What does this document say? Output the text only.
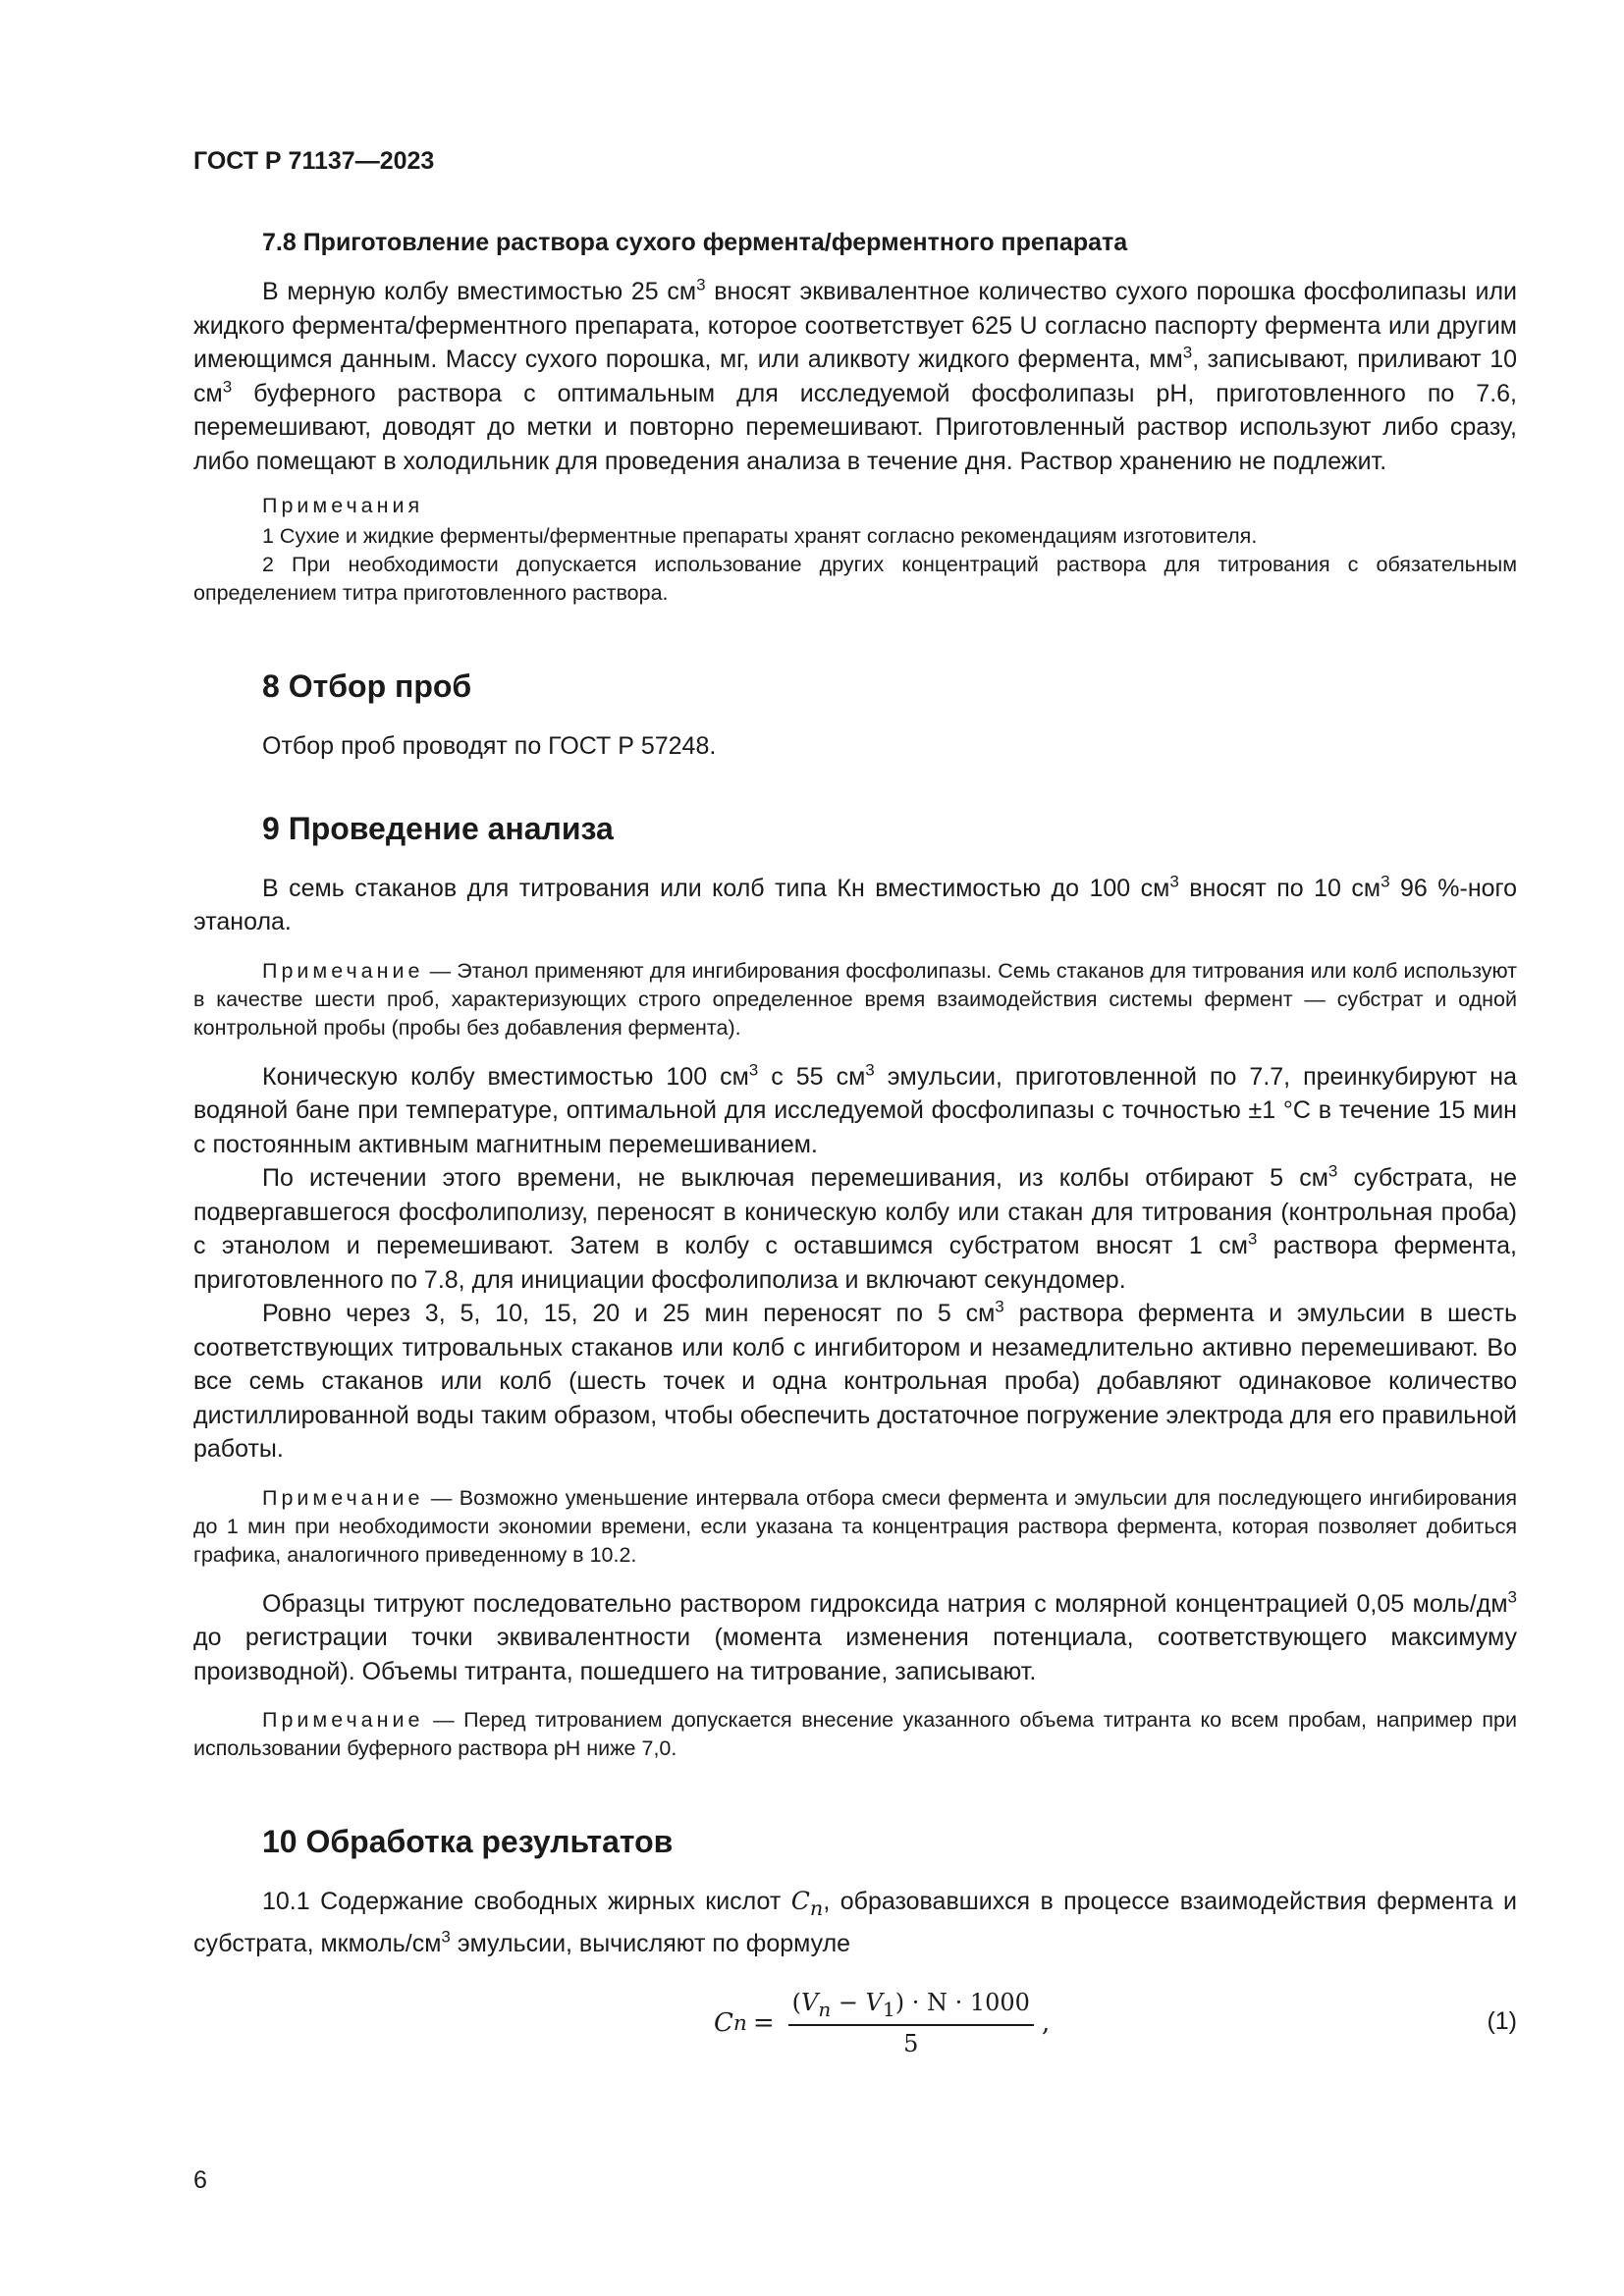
ГОСТ Р 71137—2023
7.8 Приготовление раствора сухого фермента/ферментного препарата

В мерную колбу вместимостью 25 $см^3$ вносят эквивалентное количество сухого порошка фосфолипазы или жидкого фермента/ферментного препарата, которое соответствует 625 U согласно паспорту фермента или другим имеющимся данным. Массу сухого порошка, мг, или аликвоту жидкого фермента, $мм^3$, записывают, приливают 10 $см^3$ буферного раствора с оптимальным для исследуемой фосфолипазы pH, приготовленного по 7.6, перемешивают, доводят до метки и повторно перемешивают. Приготовленный раствор используют либо сразу, либо помещают в холодильник для проведения анализа в течение дня. Раствор хранению не подлежит.

Примечания

1 Сухие и жидкие ферменты/ферментные препараты хранят согласно рекомендациям изготовителя.

2 При необходимости допускается использование других концентраций раствора для титрования с обязательным определением титра приготовленного раствора.

8 Отбор проб

Отбор проб проводят по ГОСТ Р 57248.

9 Проведение анализа

В семь стаканов для титрования или колб типа Кн вместимостью до 100 $см^3$ вносят по 10 $см^3$ 96 %-ного этанола.

Примечание — Этанол применяют для ингибирования фосфолипазы. Семь стаканов для титрования или колб используют в качестве шести проб, характеризующих строго определенное время взаимодействия системы фермент — субстрат и одной контрольной пробы (пробы без добавления фермента).

Коническую колбу вместимостью 100 $см^3$ с 55 $см^3$ эмульсии, приготовленной по 7.7, преинкубируют на водяной бане при температуре, оптимальной для исследуемой фосфолипазы с точностью ±1 °С в течение 15 мин с постоянным активным магнитным перемешиванием.

По истечении этого времени, не выключая перемешивания, из колбы отбирают 5 $см^3$ субстрата, не подвергавшегося фосфолиполизу, переносят в коническую колбу или стакан для титрования (контрольная проба) с этанолом и перемешивают. Затем в колбу с оставшимся субстратом вносят 1 $см^3$ раствора фермента, приготовленного по 7.8, для инициации фосфолиполиза и включают секундомер.

Ровно через 3, 5, 10, 15, 20 и 25 мин переносят по 5 $см^3$ раствора фермента и эмульсии в шесть соответствующих титровальных стаканов или колб с ингибитором и незамедлительно активно перемешивают. Во все семь стаканов или колб (шесть точек и одна контрольная проба) добавляют одинаковое количество дистиллированной воды таким образом, чтобы обеспечить достаточное погружение электрода для его правильной работы.

Примечание — Возможно уменьшение интервала отбора смеси фермента и эмульсии для последующего ингибирования до 1 мин при необходимости экономии времени, если указана та концентрация раствора фермента, которая позволяет добиться графика, аналогичного приведенному в 10.2.

Образцы титруют последовательно раствором гидроксида натрия с молярной концентрацией 0,05 моль/$дм^3$ до регистрации точки эквивалентности (момента изменения потенциала, соответствующего максимуму производной). Объемы титранта, пошедшего на титрование, записывают.

Примечание — Перед титрованием допускается внесение указанного объема титранта ко всем пробам, например при использовании буферного раствора pH ниже 7,0.

10 Обработка результатов

10.1 Содержание свободных жирных кислот $C_n$, образовавшихся в процессе взаимодействия фермента и субстрата, мкмоль/$см^3$ эмульсии, вычисляют по формуле

C $n = \frac{(V_n - V_1) \cdot N \cdot 1000}{5}$ ,	(1)
6
